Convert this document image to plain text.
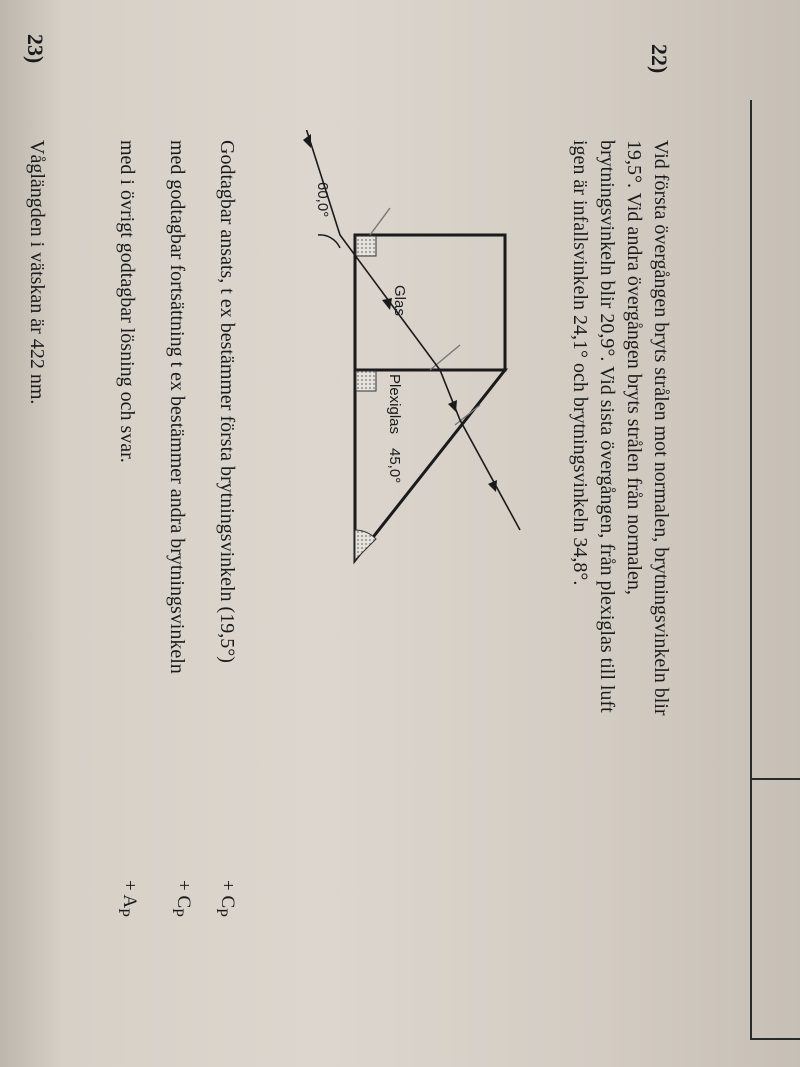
22)
Vid första övergången bryts strålen mot normalen, brytningsvinkeln blir
19,5°. Vid andra övergången bryts strålen från normalen,
brytningsvinkeln blir 20,9°. Vid sista övergången, från plexiglas till luft
igen är infallsvinkeln 24,1° och brytningsvinkeln 34,8°.
60,0°
Glas
Plexiglas
45,0°
Godtagbar ansats, t ex bestämmer första brytningsvinkeln (19,5°)
+ $C_P$
med godtagbar fortsättning t ex bestämmer andra brytningsvinkeln
+ $C_P$
med i övrigt godtagbar lösning och svar.
+ $A_P$
23)
Våglängden i vätskan är 422 nm.
